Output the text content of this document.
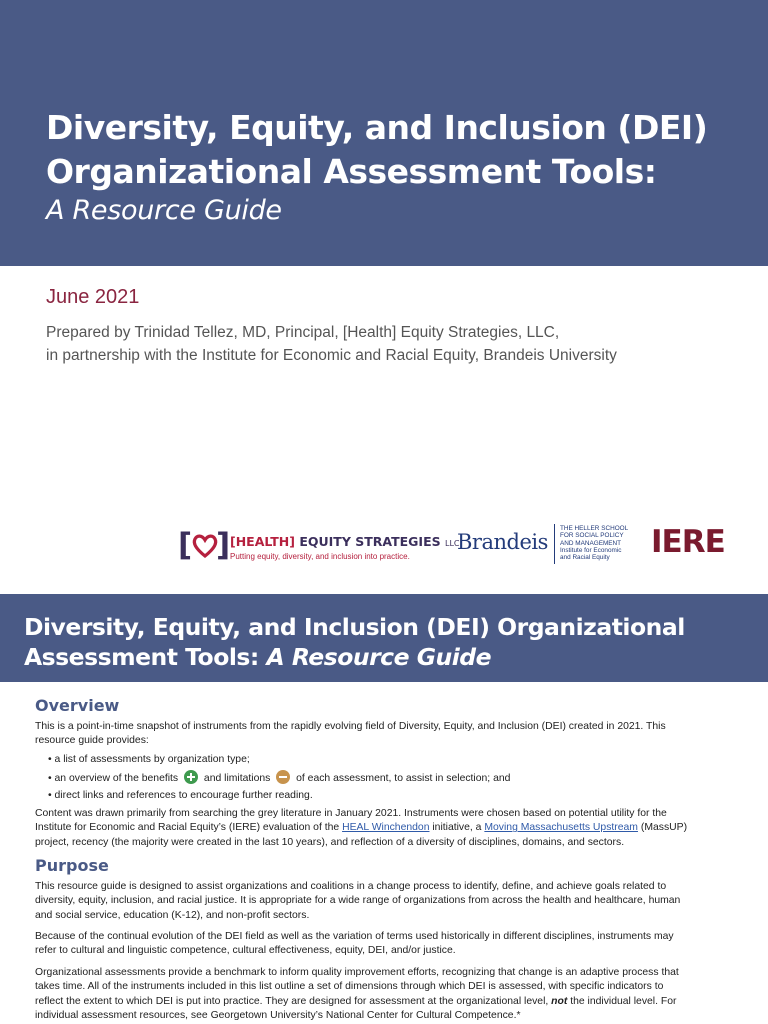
Diversity, Equity, and Inclusion (DEI)
Organizational Assessment Tools:

A Resource Guide

June 2021

Prepared by Trinidad Tellez, MD, Principal, [Health] Equity Strategies, LLC,
in partnership with the Institute for Economic and Racial Equity, Brandeis University

[ ] [HEALTH] EQUITY STRATEGIES LLC
Putting equity, diversity, and inclusion into practice.
Brandeis
THE HELLER SCHOOL
FOR SOCIAL POLICY
AND MANAGEMENT
Institute for Economic
and Racial Equity	IERE
Diversity, Equity, and Inclusion (DEI) Organizational
Assessment Tools: A Resource Guide
Overview

This is a point-in-time snapshot of instruments from the rapidly evolving field of Diversity, Equity, and Inclusion (DEI) created in 2021. This
resource guide provides:

• a list of assessments by organization type;

• an overview of the benefits and limitations of each assessment, to assist in selection; and

• direct links and references to encourage further reading.

Content was drawn primarily from searching the grey literature in January 2021. Instruments were chosen based on potential utility for the
Institute for Economic and Racial Equity’s (IERE) evaluation of the HEAL Winchendon initiative, a Moving Massachusetts Upstream (MassUP)
project, recency (the majority were created in the last 10 years), and reflection of a diversity of disciplines, domains, and sectors.

Purpose

This resource guide is designed to assist organizations and coalitions in a change process to identify, define, and achieve goals related to
diversity, equity, inclusion, and racial justice. It is appropriate for a wide range of organizations from across the health and healthcare, human
and social service, education (K-12), and non-profit sectors.

Because of the continual evolution of the DEI field as well as the variation of terms used historically in different disciplines, instruments may
refer to cultural and linguistic competence, cultural effectiveness, equity, DEI, and/or justice.

Organizational assessments provide a benchmark to inform quality improvement efforts, recognizing that change is an adaptive process that
takes time. All of the instruments included in this list outline a set of dimensions through which DEI is assessed, with specific indicators to
reflect the extent to which DEI is put into practice. They are designed for assessment at the organizational level, not the individual level. For
individual assessment resources, see Georgetown University’s National Center for Cultural Competence.*
